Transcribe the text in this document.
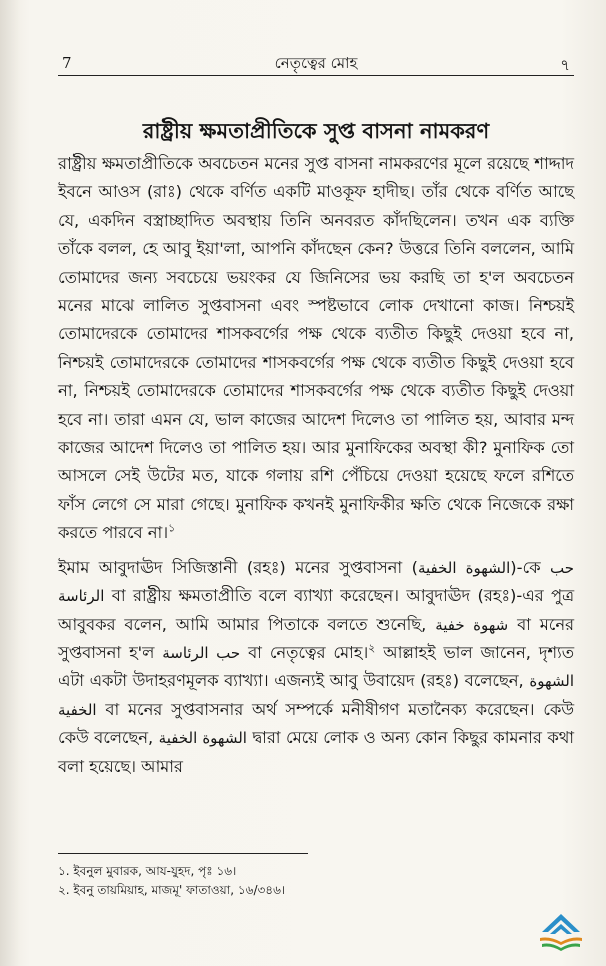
7	নেতৃত্বের মোহ	৭
রাষ্ট্রীয় ক্ষমতাপ্রীতিকে সুপ্ত বাসনা নামকরণ

রাষ্ট্রীয় ক্ষমতাপ্রীতিকে অবচেতন মনের সুপ্ত বাসনা নামকরণের মূলে রয়েছে শাদ্দাদ ইবনে আওস (রাঃ) থেকে বর্ণিত একটি মাওকূফ হাদীছ। তাঁর থেকে বর্ণিত আছে যে, একদিন বস্ত্রাচ্ছাদিত অবস্থায় তিনি অনবরত কাঁদছিলেন। তখন এক ব্যক্তি তাঁকে বলল, হে আবু ইয়া'লা, আপনি কাঁদছেন কেন? উত্তরে তিনি বললেন, আমি তোমাদের জন্য সবচেয়ে ভয়ংকর যে জিনিসের ভয় করছি তা হ'ল অবচেতন মনের মাঝে লালিত সুপ্তবাসনা এবং স্পষ্টভাবে লোক দেখানো কাজ। নিশ্চয়ই তোমাদেরকে তোমাদের শাসকবর্গের পক্ষ থেকে ব্যতীত কিছুই দেওয়া হবে না, নিশ্চয়ই তোমাদেরকে তোমাদের শাসকবর্গের পক্ষ থেকে ব্যতীত কিছুই দেওয়া হবে না, নিশ্চয়ই তোমাদেরকে তোমাদের শাসকবর্গের পক্ষ থেকে ব্যতীত কিছুই দেওয়া হবে না। তারা এমন যে, ভাল কাজের আদেশ দিলেও তা পালিত হয়, আবার মন্দ কাজের আদেশ দিলেও তা পালিত হয়। আর মুনাফিকের অবস্থা কী? মুনাফিক তো আসলে সেই উটের মত, যাকে গলায় রশি পেঁচিয়ে দেওয়া হয়েছে ফলে রশিতে ফাঁস লেগে সে মারা গেছে। মুনাফিক কখনই মুনাফিকীর ক্ষতি থেকে নিজেকে রক্ষা করতে পারবে না।$^১$

ইমাম আবুদাঊদ সিজিস্তানী (রহঃ) মনের সুপ্তবাসনা (الشهوة الخفية)-কে حب الرئاسة বা রাষ্ট্রীয় ক্ষমতাপ্রীতি বলে ব্যাখ্যা করেছেন। আবুদাঊদ (রহঃ)-এর পুত্র আবুবকর বলেন, আমি আমার পিতাকে বলতে শুনেছি, شهوة خفية বা মনের সুপ্তবাসনা হ'ল حب الرئاسة বা নেতৃত্বের মোহ।$^২$ আল্লাহই ভাল জানেন, দৃশ্যত এটা একটা উদাহরণমূলক ব্যাখ্যা। এজন্যই আবু উবায়েদ (রহঃ) বলেছেন, الشهوة الخفية বা মনের সুপ্তবাসনার অর্থ সম্পর্কে মনীষীগণ মতানৈক্য করেছেন। কেউ কেউ বলেছেন, الشهوة الخفية দ্বারা মেয়ে লোক ও অন্য কোন কিছুর কামনার কথা বলা হয়েছে। আমার

১. ইবনুল মুবারক, আয-যুহদ, পৃঃ ১৬।
২. ইবনু তায়মিয়াহ, মাজমূ' ফাতাওয়া, ১৬/৩৪৬।
